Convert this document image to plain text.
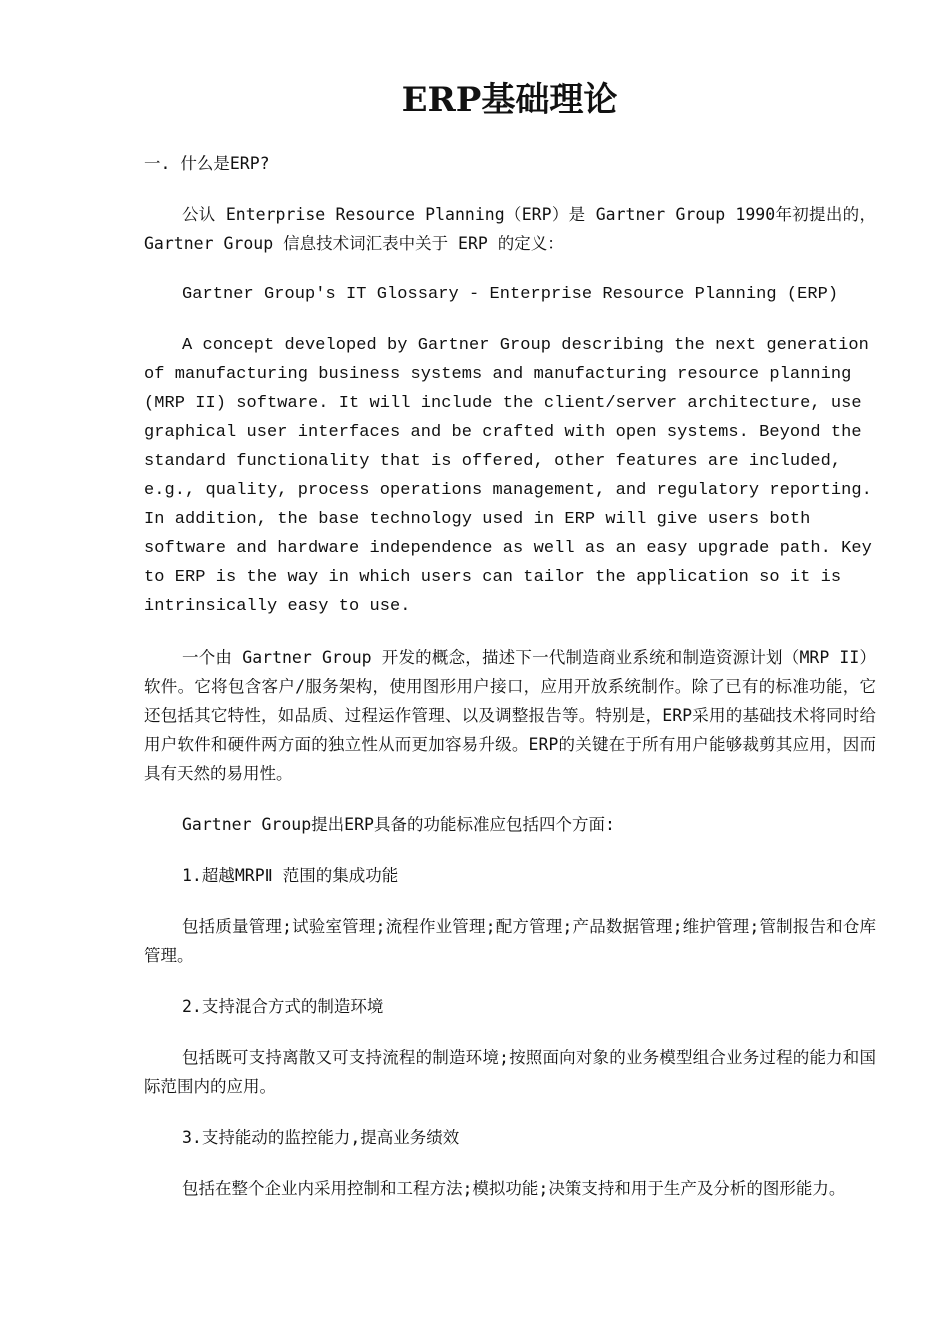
ERP基础理论

一. 什么是ERP?

公认 Enterprise Resource Planning（ERP）是 Gartner Group 1990年初提出的，Gartner Group 信息技术词汇表中关于 ERP 的定义：

Gartner Group's IT Glossary - Enterprise Resource Planning (ERP)

A concept developed by Gartner Group describing the next generation of manufacturing business systems and manufacturing resource planning (MRP II) software. It will include the client/server architecture, use graphical user interfaces and be crafted with open systems. Beyond the standard functionality that is offered, other features are included, e.g., quality, process operations management, and regulatory reporting. In addition, the base technology used in ERP will give users both software and hardware independence as well as an easy upgrade path. Key to ERP is the way in which users can tailor the application so it is intrinsically easy to use.

一个由 Gartner Group 开发的概念，描述下一代制造商业系统和制造资源计划（MRP II）软件。它将包含客户/服务架构，使用图形用户接口，应用开放系统制作。除了已有的标准功能，它还包括其它特性，如品质、过程运作管理、以及调整报告等。特别是，ERP采用的基础技术将同时给用户软件和硬件两方面的独立性从而更加容易升级。ERP的关键在于所有用户能够裁剪其应用，因而具有天然的易用性。

Gartner Group提出ERP具备的功能标准应包括四个方面:

1.超越MRPⅡ 范围的集成功能

包括质量管理;试验室管理;流程作业管理;配方管理;产品数据管理;维护管理;管制报告和仓库管理。

2.支持混合方式的制造环境

包括既可支持离散又可支持流程的制造环境;按照面向对象的业务模型组合业务过程的能力和国际范围内的应用。

3.支持能动的监控能力,提高业务绩效

包括在整个企业内采用控制和工程方法;模拟功能;决策支持和用于生产及分析的图形能力。
